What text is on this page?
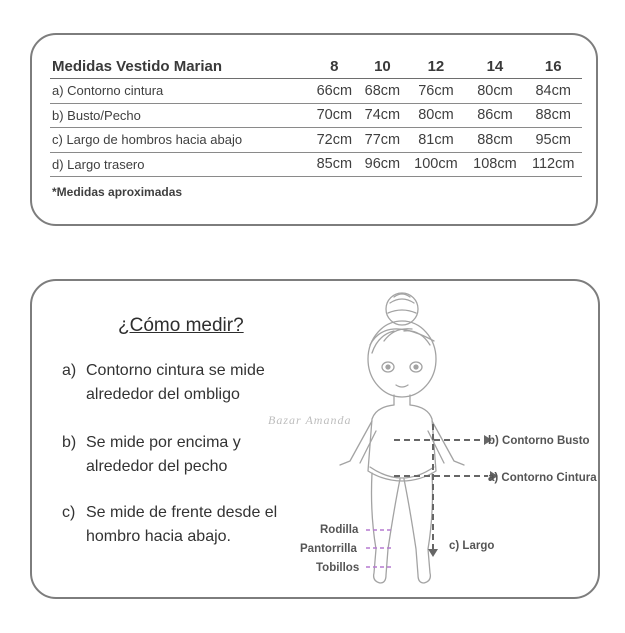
Medidas Vestido Marian	8	10	12	14	16
a) Contorno cintura	66cm	68cm	76cm	80cm	84cm
b) Busto/Pecho	70cm	74cm	80cm	86cm	88cm
c) Largo de hombros hacia abajo	72cm	77cm	81cm	88cm	95cm
d) Largo trasero	85cm	96cm	100cm	108cm	112cm
*Medidas aproximadas
¿Cómo medir?
a) Contorno cintura se mide alrededor del ombligo
b) Se mide por encima y alrededor del pecho
c) Se mide de frente desde el hombro hacia abajo.
Bazar Amanda
b) Contorno Busto
a) Contorno Cintura
c) Largo
Rodilla
Pantorrilla
Tobillos
